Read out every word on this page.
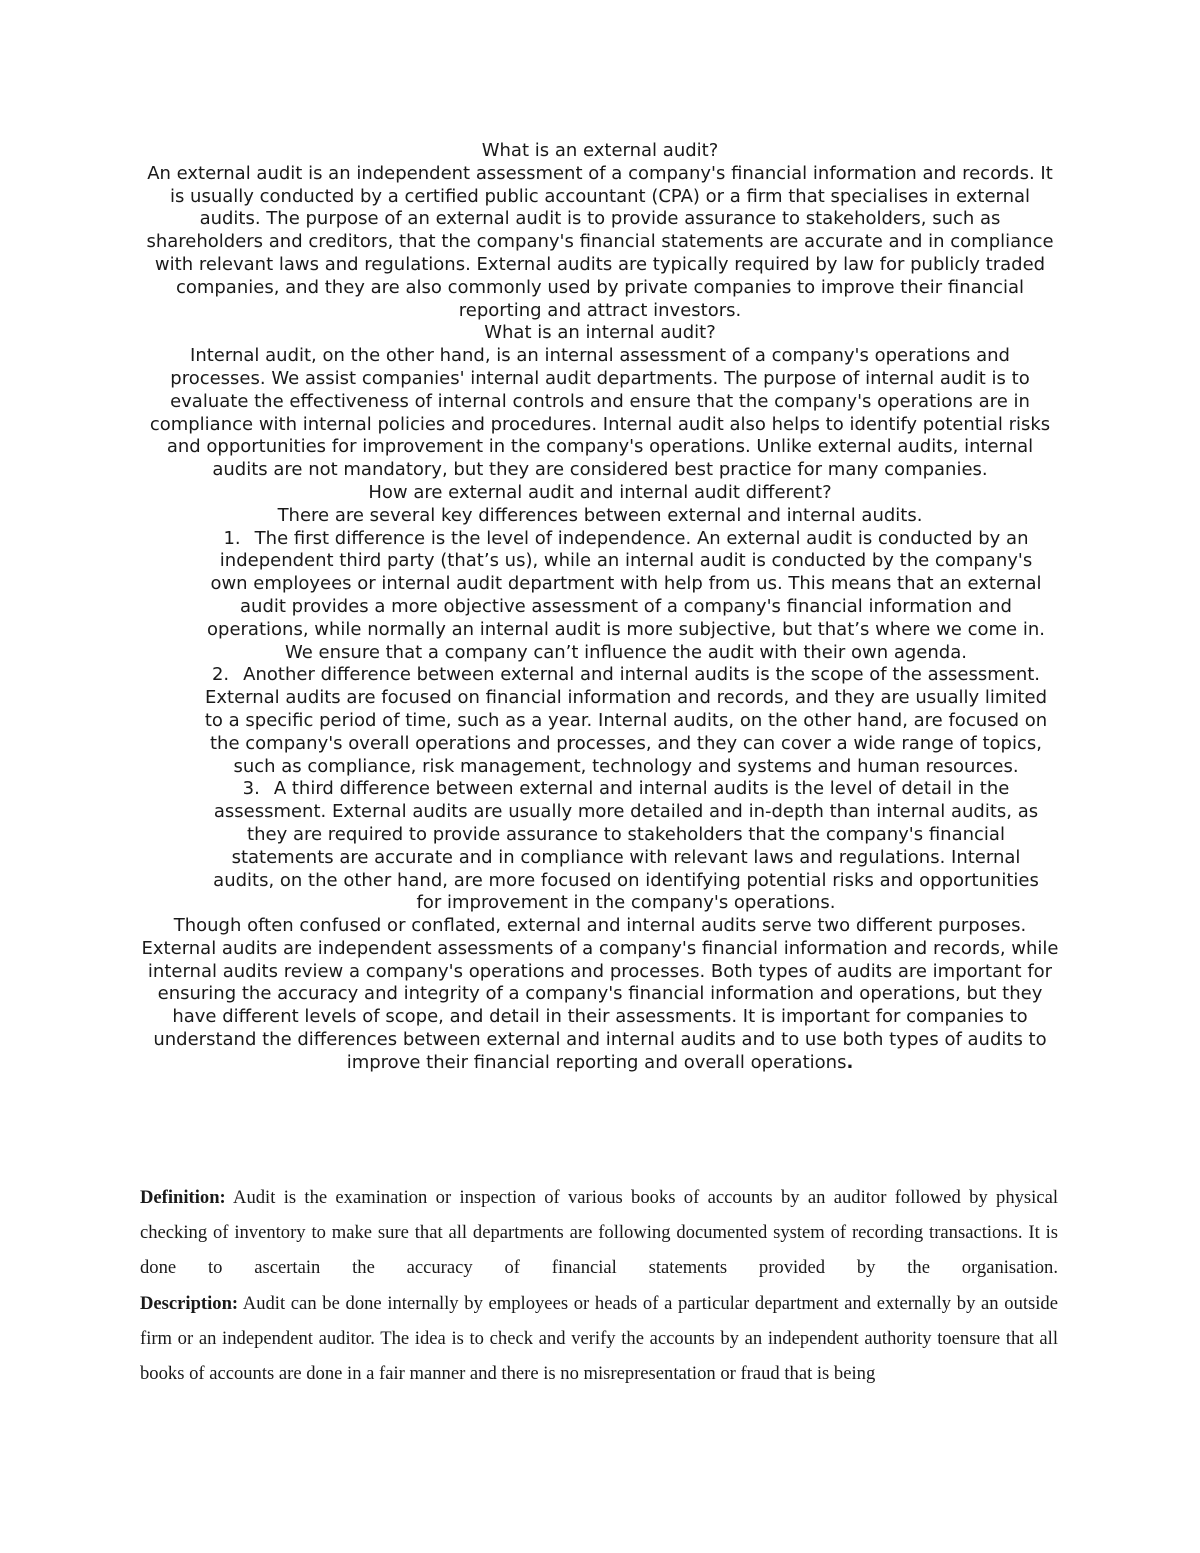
What is an external audit?

An external audit is an independent assessment of a company's financial information and records. It is usually conducted by a certified public accountant (CPA) or a firm that specialises in external audits. The purpose of an external audit is to provide assurance to stakeholders, such as shareholders and creditors, that the company's financial statements are accurate and in compliance with relevant laws and regulations. External audits are typically required by law for publicly traded companies, and they are also commonly used by private companies to improve their financial reporting and attract investors.

What is an internal audit?

Internal audit, on the other hand, is an internal assessment of a company's operations and processes. We assist companies' internal audit departments. The purpose of internal audit is to evaluate the effectiveness of internal controls and ensure that the company's operations are in compliance with internal policies and procedures. Internal audit also helps to identify potential risks and opportunities for improvement in the company's operations. Unlike external audits, internal audits are not mandatory, but they are considered best practice for many companies.

How are external audit and internal audit different?

There are several key differences between external and internal audits.

1. The first difference is the level of independence. An external audit is conducted by an independent third party (that’s us), while an internal audit is conducted by the company's own employees or internal audit department with help from us. This means that an external audit provides a more objective assessment of a company's financial information and operations, while normally an internal audit is more subjective, but that’s where we come in. We ensure that a company can’t influence the audit with their own agenda.
2. Another difference between external and internal audits is the scope of the assessment. External audits are focused on financial information and records, and they are usually limited to a specific period of time, such as a year. Internal audits, on the other hand, are focused on the company's overall operations and processes, and they can cover a wide range of topics, such as compliance, risk management, technology and systems and human resources.
3. A third difference between external and internal audits is the level of detail in the assessment. External audits are usually more detailed and in-depth than internal audits, as they are required to provide assurance to stakeholders that the company's financial statements are accurate and in compliance with relevant laws and regulations. Internal audits, on the other hand, are more focused on identifying potential risks and opportunities for improvement in the company's operations.

Though often confused or conflated, external and internal audits serve two different purposes. External audits are independent assessments of a company's financial information and records, while internal audits review a company's operations and processes. Both types of audits are important for ensuring the accuracy and integrity of a company's financial information and operations, but they have different levels of scope, and detail in their assessments. It is important for companies to understand the differences between external and internal audits and to use both types of audits to improve their financial reporting and overall operations.

Definition: Audit is the examination or inspection of various books of accounts by an auditor followed by physical checking of inventory to make sure that all departments are following documented system of recording transactions. It is done to ascertain the accuracy of financial statements provided by the organisation.

Description: Audit can be done internally by employees or heads of a particular department and externally by an outside firm or an independent auditor. The idea is to check and verify the accounts by an independent authority toensure that all books of accounts are done in a fair manner and there is no misrepresentation or fraud that is being
